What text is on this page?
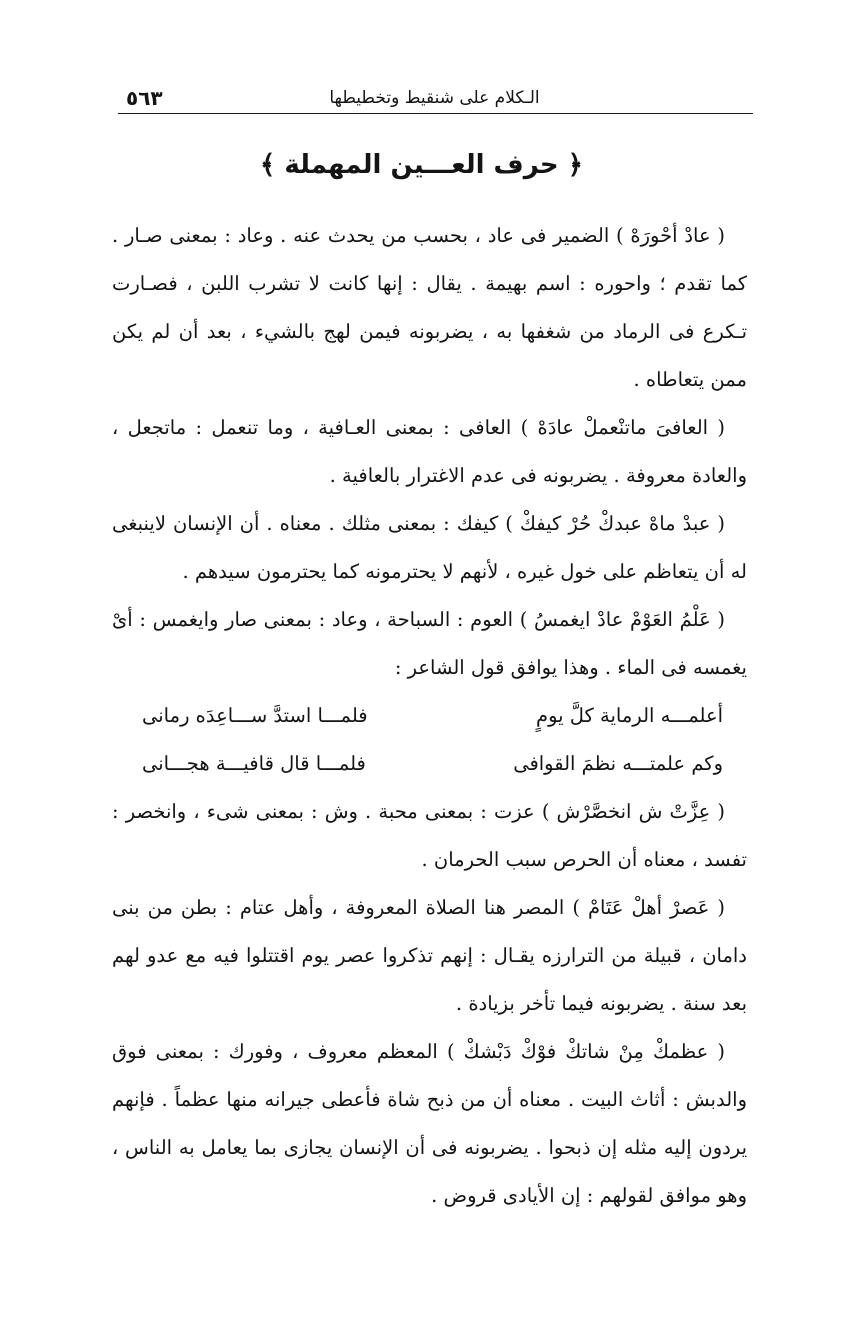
الـكلام على شنقيط وتخطيطها
٥٦٣
﴿ حرف العـــين المهملة ﴾

( عادْ أحْورَهْ ) الضمير فى عاد ، بحسب من يحدث عنه . وعاد : بمعنى صـار . كما تقدم ؛ واحوره : اسم بهيمة . يقال : إنها كانت لا تشرب اللبن ، فصـارت تـكرع فى الرماد من شغفها به ، يضربونه فيمن لهج بالشيء ، بعد أن لم يكن ممن يتعاطاه .

( العافىَ ماتنْعملْ عادَهْ ) العافى : بمعنى العـافية ، وما تنعمل : ماتجعل ، والعادة معروفة . يضربونه فى عدم الاغترار بالعافية .

( عبدْ ماهْ عبدكْ حُرْ كيفكْ ) كيفك : بمعنى مثلك . معناه . أن الإنسان لاينبغى له أن يتعاظم على خول غيره ، لأنهم لا يحترمونه كما يحترمون سيدهم .

( عَلْمُ العَوْمْ عادْ ايغمسُ ) العوم : السباحة ، وعاد : بمعنى صار وايغمس : أىْ يغمسه فى الماء . وهذا يوافق قول الشاعر :

أعلمـــه الرماية كلَّ يومٍ
فلمـــا استدَّ ســـاعِدَه رمانى
وكم علمتـــه نظمَ القوافى
فلمـــا قال قافيـــة هجـــانى

( عِزَّتْ ش انخصَّرْش ) عزت : بمعنى محبة . وش : بمعنى شىء ، وانخصر : تفسد ، معناه أن الحرص سبب الحرمان .

( عَصرْ أهلْ عَتَامْ ) المصر هنا الصلاة المعروفة ، وأهل عتام : بطن من بنى دامان ، قبيلة من الترارزه يقـال : إنهم تذكروا عصر يوم اقتتلوا فيه مع عدو لهم بعد سنة . يضربونه فيما تأخر بزيادة .

( عظمكْ مِنْ شاتكْ فوْكْ دَبْشكْ ) المعظم معروف ، وفورك : بمعنى فوق والدبش : أثاث البيت . معناه أن من ذبح شاة فأعطى جيرانه منها عظماً . فإنهم يردون إليه مثله إن ذبحوا . يضربونه فى أن الإنسان يجازى بما يعامل به الناس ، وهو موافق لقولهم : إن الأيادى قروض .
